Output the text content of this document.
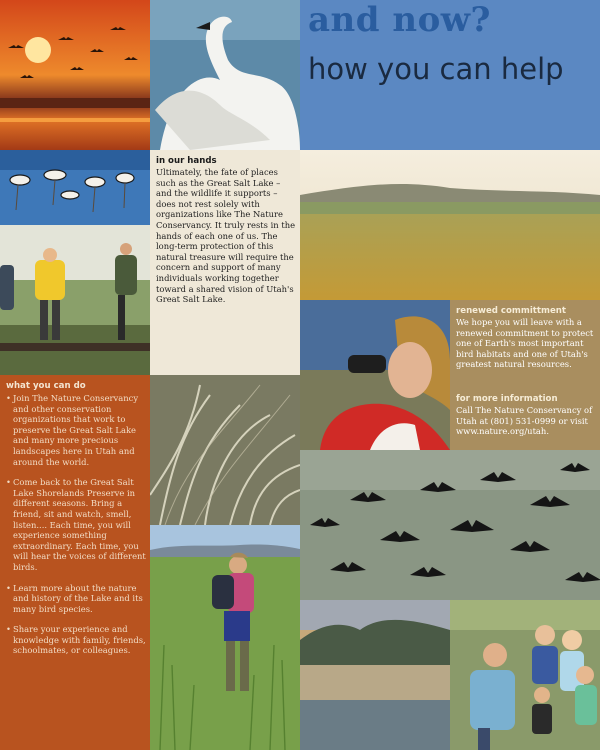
and now?
how you can help
in our hands
Ultimately, the fate of places such as the Great Salt Lake – and the wildlife it supports – does not rest solely with organizations like The Nature Conservancy. It truly rests in the hands of each one of us. The long-term protection of this natural treasure will require the concern and support of many individuals working together toward a shared vision of Utah's Great Salt Lake.
renewed committment
We hope you will leave with a renewed commitment to protect one of Earth's most important bird habitats and one of Utah's greatest natural resources.
for more information
Call The Nature Conservancy of Utah at (801) 531-0999 or visit www.nature.org/utah.
what you can do
• Join The Nature Conservancy and other conservation organizations that work to preserve the Great Salt Lake and many more precious landscapes here in Utah and around the world.
• Come back to the Great Salt Lake Shorelands Preserve in different seasons. Bring a friend, sit and watch, smell, listen.... Each time, you will experience something extraordinary. Each time, you will hear the voices of different birds.
• Learn more about the nature and history of the Lake and its many bird species.
• Share your experience and knowledge with family, friends, schoolmates, or colleagues.
